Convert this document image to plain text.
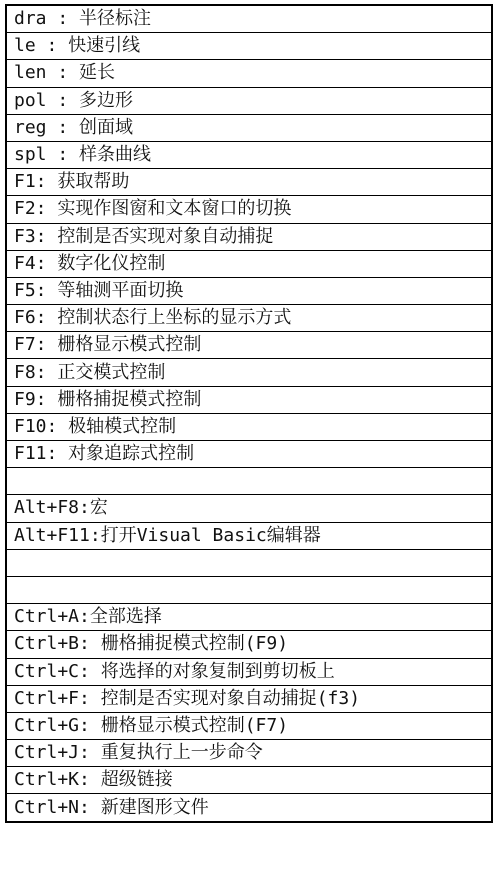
dra : 半径标注
le : 快速引线
len : 延长
pol : 多边形
reg : 创面域
spl : 样条曲线
F1: 获取帮助
F2: 实现作图窗和文本窗口的切换
F3: 控制是否实现对象自动捕捉
F4: 数字化仪控制
F5: 等轴测平面切换
F6: 控制状态行上坐标的显示方式
F7: 栅格显示模式控制
F8: 正交模式控制
F9: 栅格捕捉模式控制
F10: 极轴模式控制
F11: 对象追踪式控制

Alt+F8:宏
Alt+F11:打开Visual Basic编辑器

Ctrl+A:全部选择
Ctrl+B: 栅格捕捉模式控制(F9)
Ctrl+C: 将选择的对象复制到剪切板上
Ctrl+F: 控制是否实现对象自动捕捉(f3)
Ctrl+G: 栅格显示模式控制(F7)
Ctrl+J: 重复执行上一步命令
Ctrl+K: 超级链接
Ctrl+N: 新建图形文件
